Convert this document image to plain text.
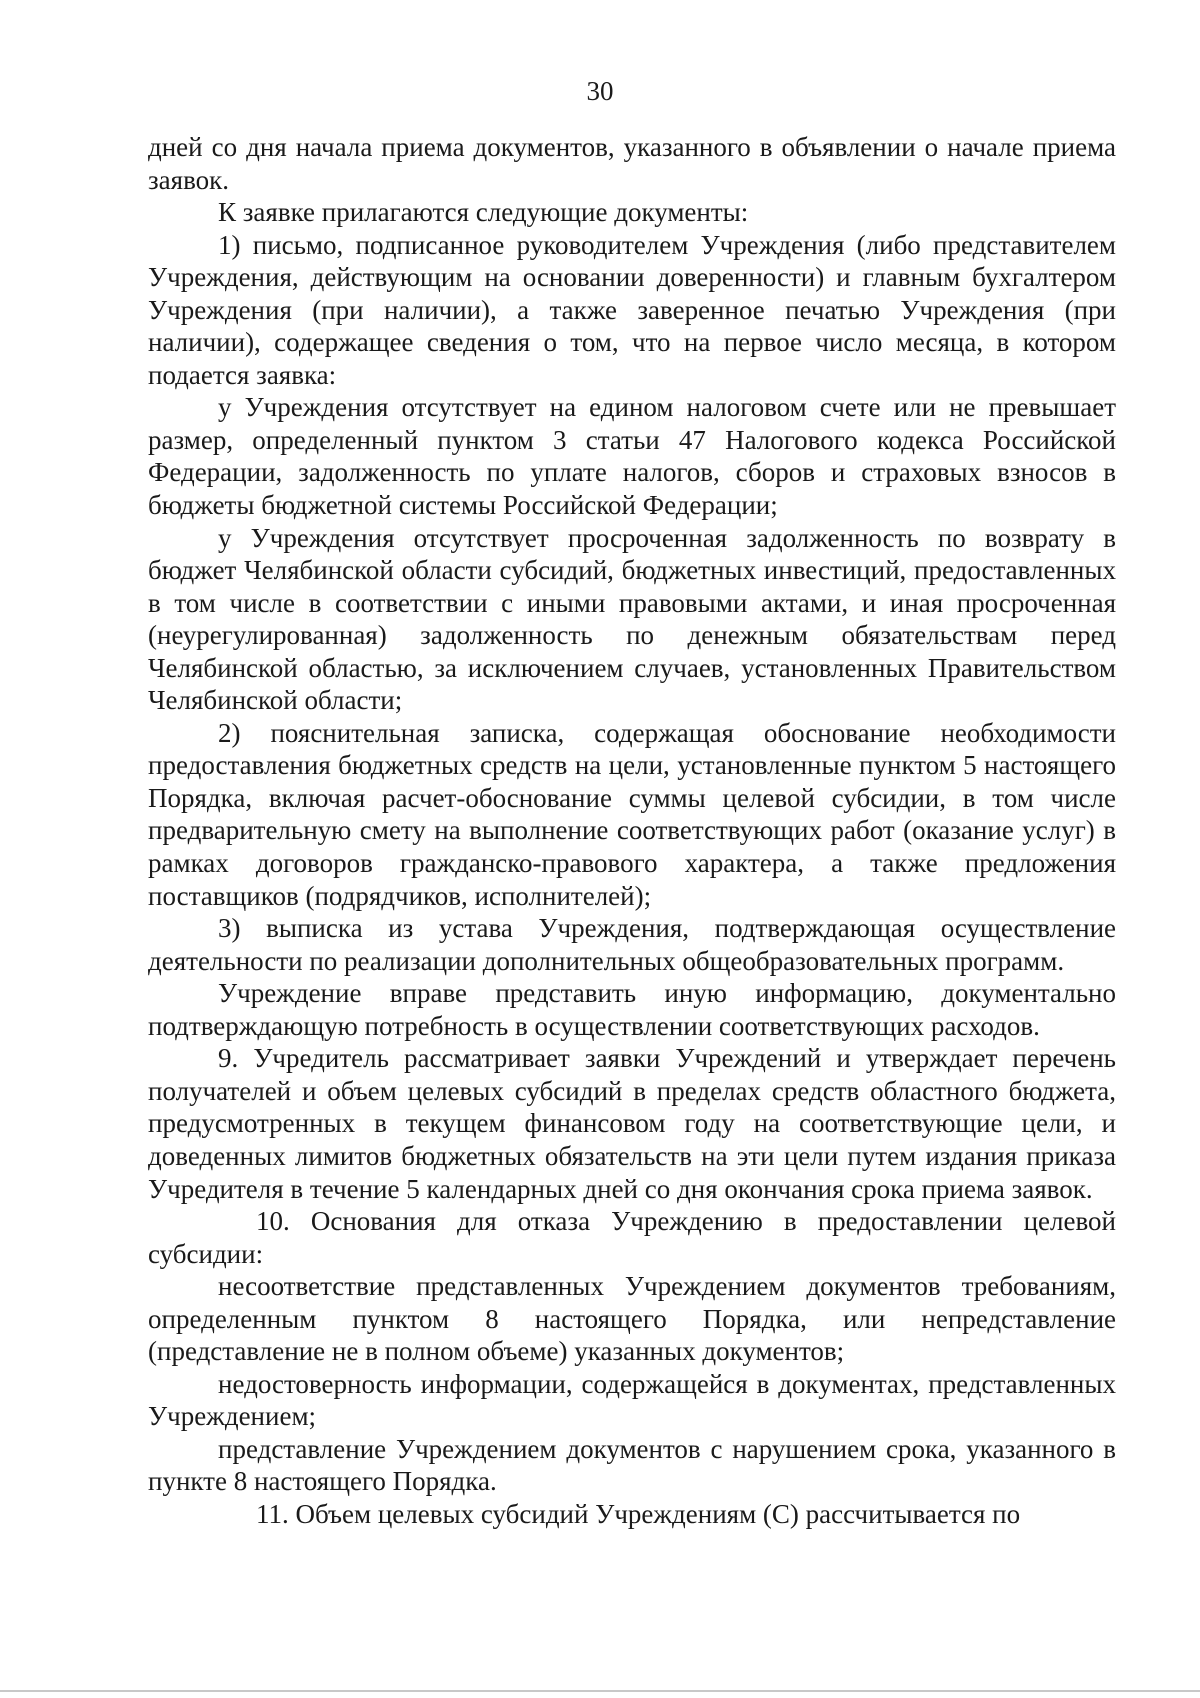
30

дней со дня начала приема документов, указанного в объявлении о начале приема заявок.

К заявке прилагаются следующие документы:

1) письмо, подписанное руководителем Учреждения (либо представителем Учреждения, действующим на основании доверенности) и главным бухгалтером Учреждения (при наличии), а также заверенное печатью Учреждения (при наличии), содержащее сведения о том, что на первое число месяца, в котором подается заявка:

у Учреждения отсутствует на едином налоговом счете или не превышает размер, определенный пунктом 3 статьи 47 Налогового кодекса Российской Федерации, задолженность по уплате налогов, сборов и страховых взносов в бюджеты бюджетной системы Российской Федерации;

у Учреждения отсутствует просроченная задолженность по возврату в бюджет Челябинской области субсидий, бюджетных инвестиций, предоставленных в том числе в соответствии с иными правовыми актами, и иная просроченная (неурегулированная) задолженность по денежным обязательствам перед Челябинской областью, за исключением случаев, установленных Правительством Челябинской области;

2) пояснительная записка, содержащая обоснование необходимости предоставления бюджетных средств на цели, установленные пунктом 5 настоящего Порядка, включая расчет-обоснование суммы целевой субсидии, в том числе предварительную смету на выполнение соответствующих работ (оказание услуг) в рамках договоров гражданско-правового характера, а также предложения поставщиков (подрядчиков, исполнителей);

3) выписка из устава Учреждения, подтверждающая осуществление деятельности по реализации дополнительных общеобразовательных программ.

Учреждение вправе представить иную информацию, документально подтверждающую потребность в осуществлении соответствующих расходов.

9. Учредитель рассматривает заявки Учреждений и утверждает перечень получателей и объем целевых субсидий в пределах средств областного бюджета, предусмотренных в текущем финансовом году на соответствующие цели, и доведенных лимитов бюджетных обязательств на эти цели путем издания приказа Учредителя в течение 5 календарных дней со дня окончания срока приема заявок.

10. Основания для отказа Учреждению в предоставлении целевой субсидии:

несоответствие представленных Учреждением документов требованиям, определенным пунктом 8 настоящего Порядка, или непредставление (представление не в полном объеме) указанных документов;

недостоверность информации, содержащейся в документах, представленных Учреждением;

представление Учреждением документов с нарушением срока, указанного в пункте 8 настоящего Порядка.

11. Объем целевых субсидий Учреждениям (С) рассчитывается по
